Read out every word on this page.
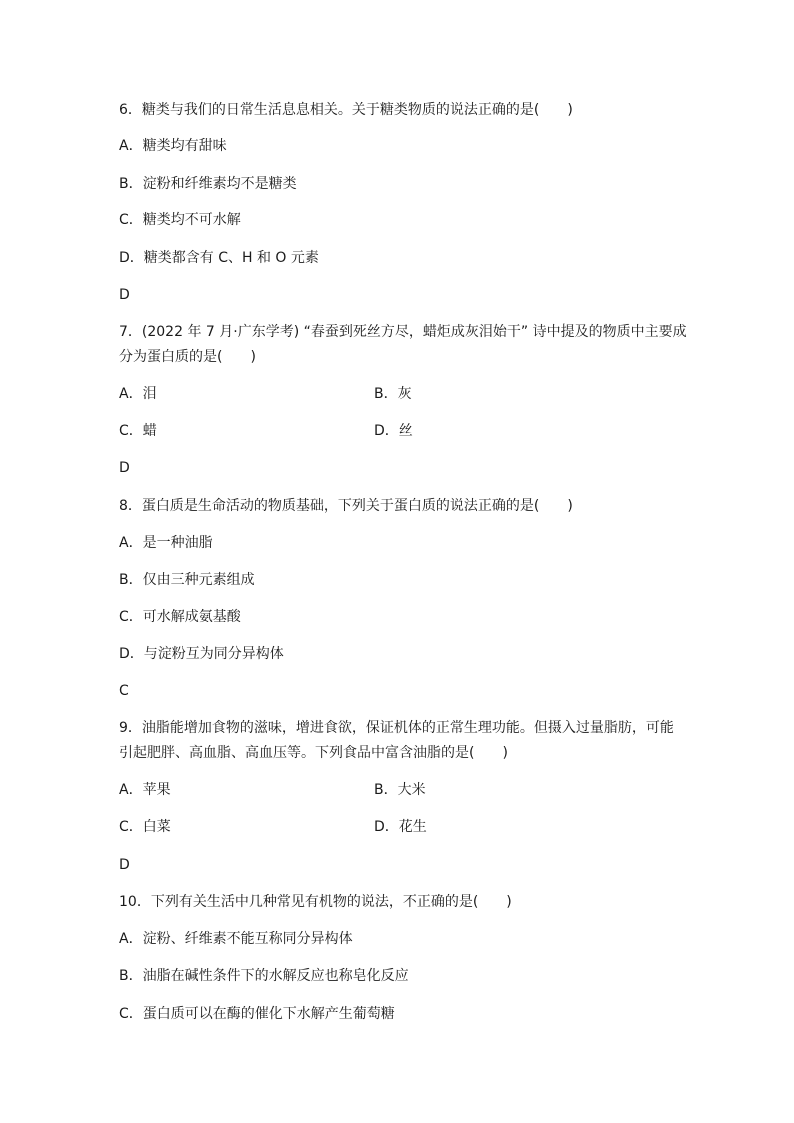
6．糖类与我们的日常生活息息相关。关于糖类物质的说法正确的是(　　)
A．糖类均有甜味
B．淀粉和纤维素均不是糖类
C．糖类均不可水解
D．糖类都含有 C、H 和 O 元素
D
7．(2022 年 7 月·广东学考) “春蚕到死丝方尽，蜡炬成灰泪始干” 诗中提及的物质中主要成
分为蛋白质的是(　　)
A．泪	B．灰
C．蜡	D．丝
D
8．蛋白质是生命活动的物质基础，下列关于蛋白质的说法正确的是(　　)
A．是一种油脂
B．仅由三种元素组成
C．可水解成氨基酸
D．与淀粉互为同分异构体
C
9．油脂能增加食物的滋味，增进食欲，保证机体的正常生理功能。但摄入过量脂肪，可能
引起肥胖、高血脂、高血压等。下列食品中富含油脂的是(　　)
A．苹果	B．大米
C．白菜	D．花生
D
10．下列有关生活中几种常见有机物的说法，不正确的是(　　)
A．淀粉、纤维素不能互称同分异构体
B．油脂在碱性条件下的水解反应也称皂化反应
C．蛋白质可以在酶的催化下水解产生葡萄糖
